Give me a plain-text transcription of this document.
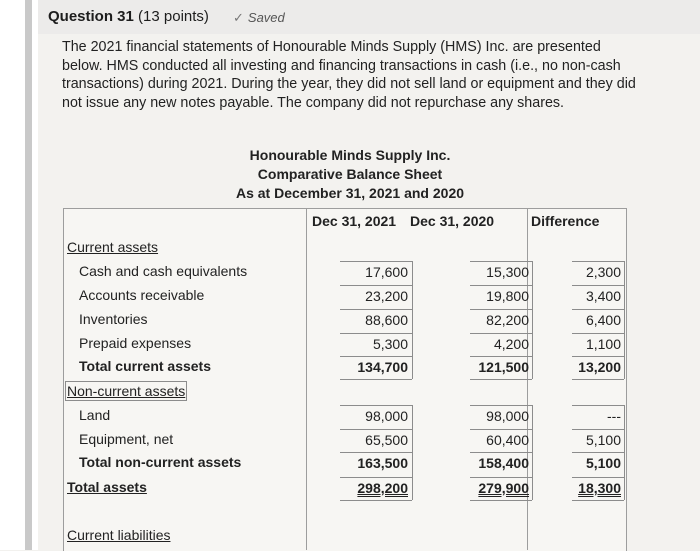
Question 31 (13 points) ✓ Saved
The 2021 financial statements of Honourable Minds Supply (HMS) Inc. are presented below. HMS conducted all investing and financing transactions in cash (i.e., no non-cash transactions) during 2021. During the year, they did not sell land or equipment and they did not issue any new notes payable. The company did not repurchase any shares.
Honourable Minds Supply Inc.
Comparative Balance Sheet
As at December 31, 2021 and 2020
Dec 31, 2021 Dec 31, 2020	Difference
Current assets
Cash and cash equivalents	17,600	15,300	2,300
Accounts receivable	23,200	19,800	3,400
Inventories	88,600	82,200	6,400
Prepaid expenses	5,300	4,200	1,100
Total current assets	134,700	121,500	13,200
Non-current assets
Land	98,000	98,000	---
Equipment, net	65,500	60,400	5,100
Total non-current assets	163,500	158,400	5,100
Total assets	298,200	279,900	18,300
Current liabilities
